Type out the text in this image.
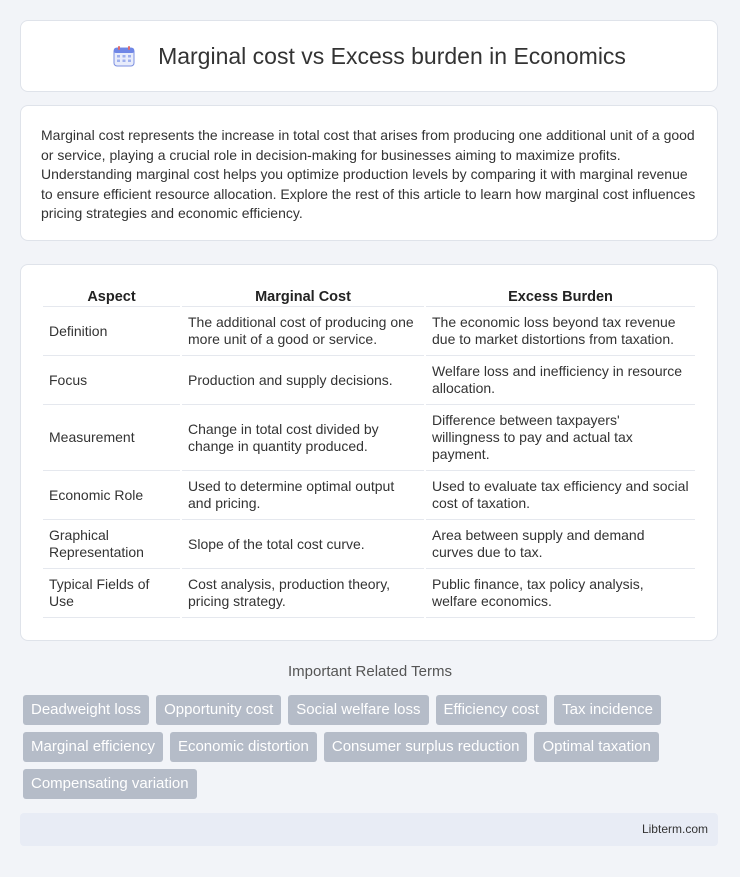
Marginal cost vs Excess burden in Economics

Marginal cost represents the increase in total cost that arises from producing one additional unit of a good or service, playing a crucial role in decision-making for businesses aiming to maximize profits. Understanding marginal cost helps you optimize production levels by comparing it with marginal revenue to ensure efficient resource allocation. Explore the rest of this article to learn how marginal cost influences pricing strategies and economic efficiency.

Aspect	Marginal Cost	Excess Burden
Definition	The additional cost of producing one more unit of a good or service.	The economic loss beyond tax revenue due to market distortions from taxation.
Focus	Production and supply decisions.	Welfare loss and inefficiency in resource allocation.
Measurement	Change in total cost divided by change in quantity produced.	Difference between taxpayers' willingness to pay and actual tax payment.
Economic Role	Used to determine optimal output and pricing.	Used to evaluate tax efficiency and social cost of taxation.
Graphical Representation	Slope of the total cost curve.	Area between supply and demand curves due to tax.
Typical Fields of Use	Cost analysis, production theory, pricing strategy.	Public finance, tax policy analysis, welfare economics.
Important Related Terms
Deadweight loss	Opportunity cost	Social welfare loss	Efficiency cost	Tax incidence
Marginal efficiency	Economic distortion	Consumer surplus reduction	Optimal taxation
Compensating variation
Libterm.com
